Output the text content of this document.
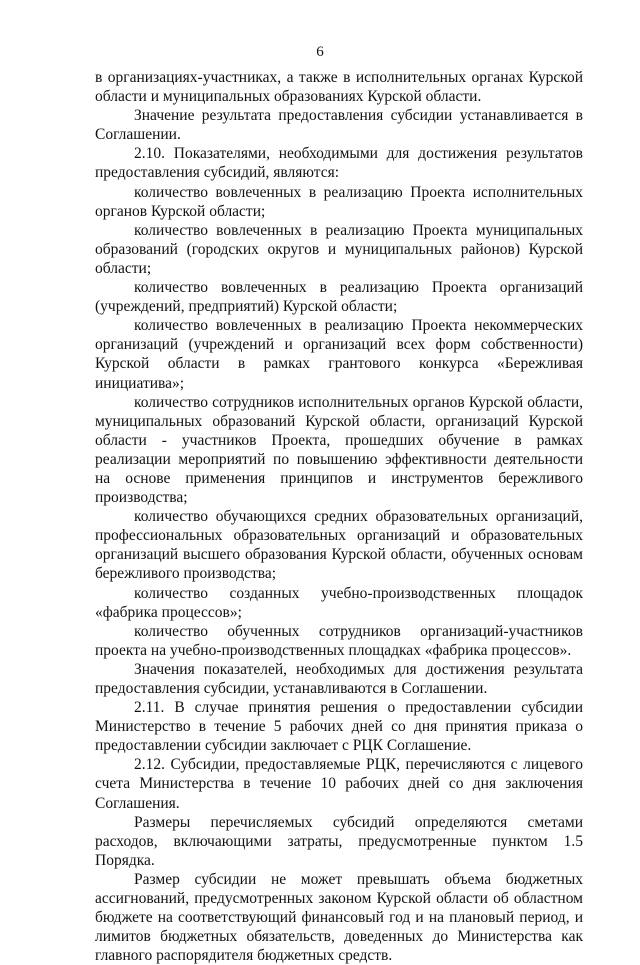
6

в организациях-участниках, а также в исполнительных органах Курской области и муниципальных образованиях Курской области.

Значение результата предоставления субсидии устанавливается в Соглашении.

2.10. Показателями, необходимыми для достижения результатов предоставления субсидий, являются:

количество вовлеченных в реализацию Проекта исполнительных органов Курской области;

количество вовлеченных в реализацию Проекта муниципальных образований (городских округов и муниципальных районов) Курской области;

количество вовлеченных в реализацию Проекта организаций (учреждений, предприятий) Курской области;

количество вовлеченных в реализацию Проекта некоммерческих организаций (учреждений и организаций всех форм собственности) Курской области в рамках грантового конкурса «Бережливая инициатива»;

количество сотрудников исполнительных органов Курской области, муниципальных образований Курской области, организаций Курской области - участников Проекта, прошедших обучение в рамках реализации мероприятий по повышению эффективности деятельности на основе применения принципов и инструментов бережливого производства;

количество обучающихся средних образовательных организаций, профессиональных образовательных организаций и образовательных организаций высшего образования Курской области, обученных основам бережливого производства;

количество созданных учебно-производственных площадок «фабрика процессов»;

количество обученных сотрудников организаций-участников проекта на учебно-производственных площадках «фабрика процессов».

Значения показателей, необходимых для достижения результата предоставления субсидии, устанавливаются в Соглашении.

2.11. В случае принятия решения о предоставлении субсидии Министерство в течение 5 рабочих дней со дня принятия приказа о предоставлении субсидии заключает с РЦК Соглашение.

2.12. Субсидии, предоставляемые РЦК, перечисляются с лицевого счета Министерства в течение 10 рабочих дней со дня заключения Соглашения.

Размеры перечисляемых субсидий определяются сметами расходов, включающими затраты, предусмотренные пунктом 1.5 Порядка.

Размер субсидии не может превышать объема бюджетных ассигнований, предусмотренных законом Курской области об областном бюджете на соответствующий финансовый год и на плановый период, и лимитов бюджетных обязательств, доведенных до Министерства как главного распорядителя бюджетных средств.
